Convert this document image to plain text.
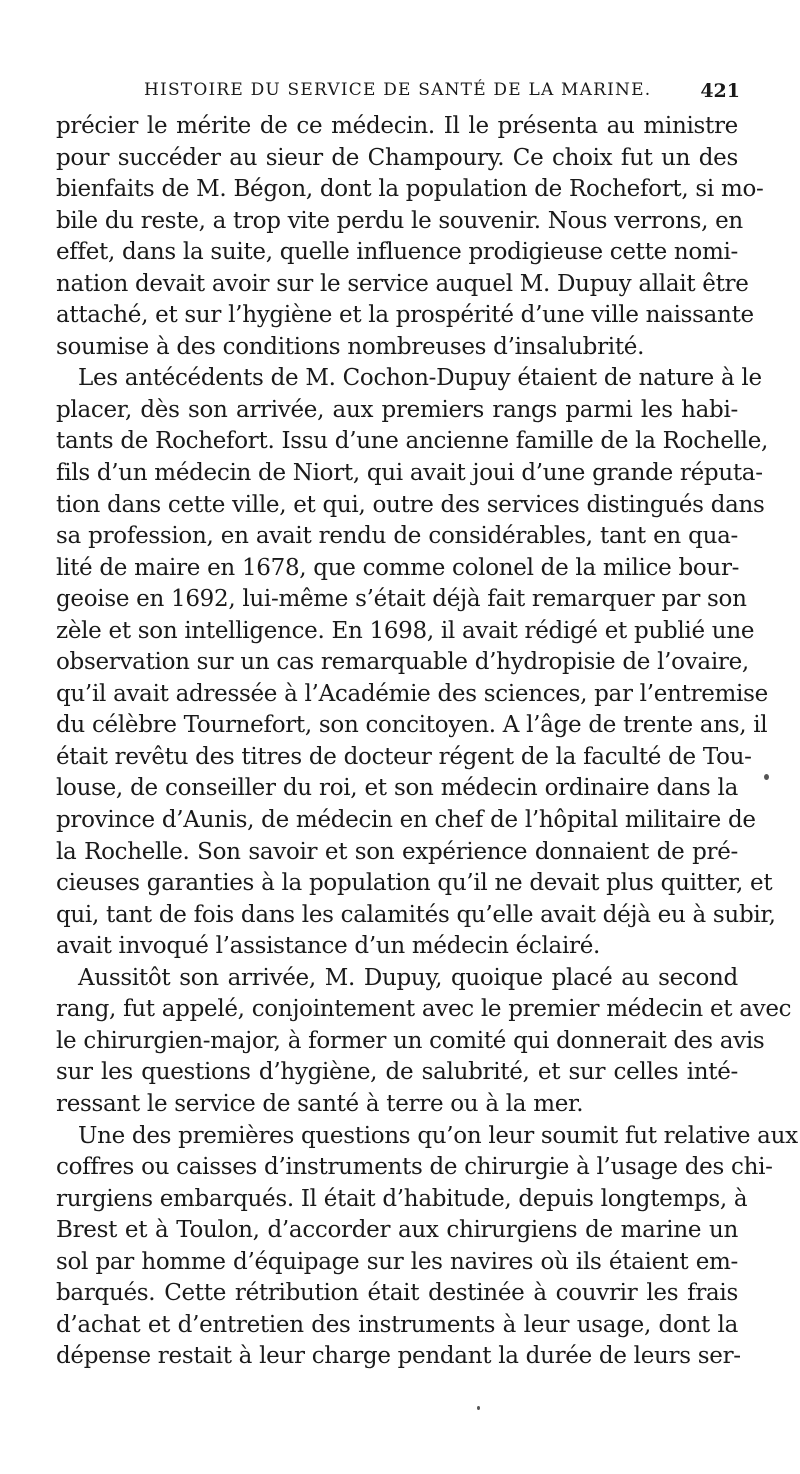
HISTOIRE DU SERVICE DE SANTÉ DE LA MARINE.	421
précier le mérite de ce médecin. Il le présenta au ministre
pour succéder au sieur de Champoury. Ce choix fut un des
bienfaits de M. Bégon, dont la population de Rochefort, si mo-
bile du reste, a trop vite perdu le souvenir. Nous verrons, en
effet, dans la suite, quelle influence prodigieuse cette nomi-
nation devait avoir sur le service auquel M. Dupuy allait être
attaché, et sur l’hygiène et la prospérité d’une ville naissante
soumise à des conditions nombreuses d’insalubrité.
Les antécédents de M. Cochon-Dupuy étaient de nature à le
placer, dès son arrivée, aux premiers rangs parmi les habi-
tants de Rochefort. Issu d’une ancienne famille de la Rochelle,
fils d’un médecin de Niort, qui avait joui d’une grande réputa-
tion dans cette ville, et qui, outre des services distingués dans
sa profession, en avait rendu de considérables, tant en qua-
lité de maire en 1678, que comme colonel de la milice bour-
geoise en 1692, lui-même s’était déjà fait remarquer par son
zèle et son intelligence. En 1698, il avait rédigé et publié une
observation sur un cas remarquable d’hydropisie de l’ovaire,
qu’il avait adressée à l’Académie des sciences, par l’entremise
du célèbre Tournefort, son concitoyen. A l’âge de trente ans, il
était revêtu des titres de docteur régent de la faculté de Tou-
louse, de conseiller du roi, et son médecin ordinaire dans la
province d’Aunis, de médecin en chef de l’hôpital militaire de
la Rochelle. Son savoir et son expérience donnaient de pré-
cieuses garanties à la population qu’il ne devait plus quitter, et
qui, tant de fois dans les calamités qu’elle avait déjà eu à subir,
avait invoqué l’assistance d’un médecin éclairé.
Aussitôt son arrivée, M. Dupuy, quoique placé au second
rang, fut appelé, conjointement avec le premier médecin et avec
le chirurgien-major, à former un comité qui donnerait des avis
sur les questions d’hygiène, de salubrité, et sur celles inté-
ressant le service de santé à terre ou à la mer.
Une des premières questions qu’on leur soumit fut relative aux
coffres ou caisses d’instruments de chirurgie à l’usage des chi-
rurgiens embarqués. Il était d’habitude, depuis longtemps, à
Brest et à Toulon, d’accorder aux chirurgiens de marine un
sol par homme d’équipage sur les navires où ils étaient em-
barqués. Cette rétribution était destinée à couvrir les frais
d’achat et d’entretien des instruments à leur usage, dont la
dépense restait à leur charge pendant la durée de leurs ser-
